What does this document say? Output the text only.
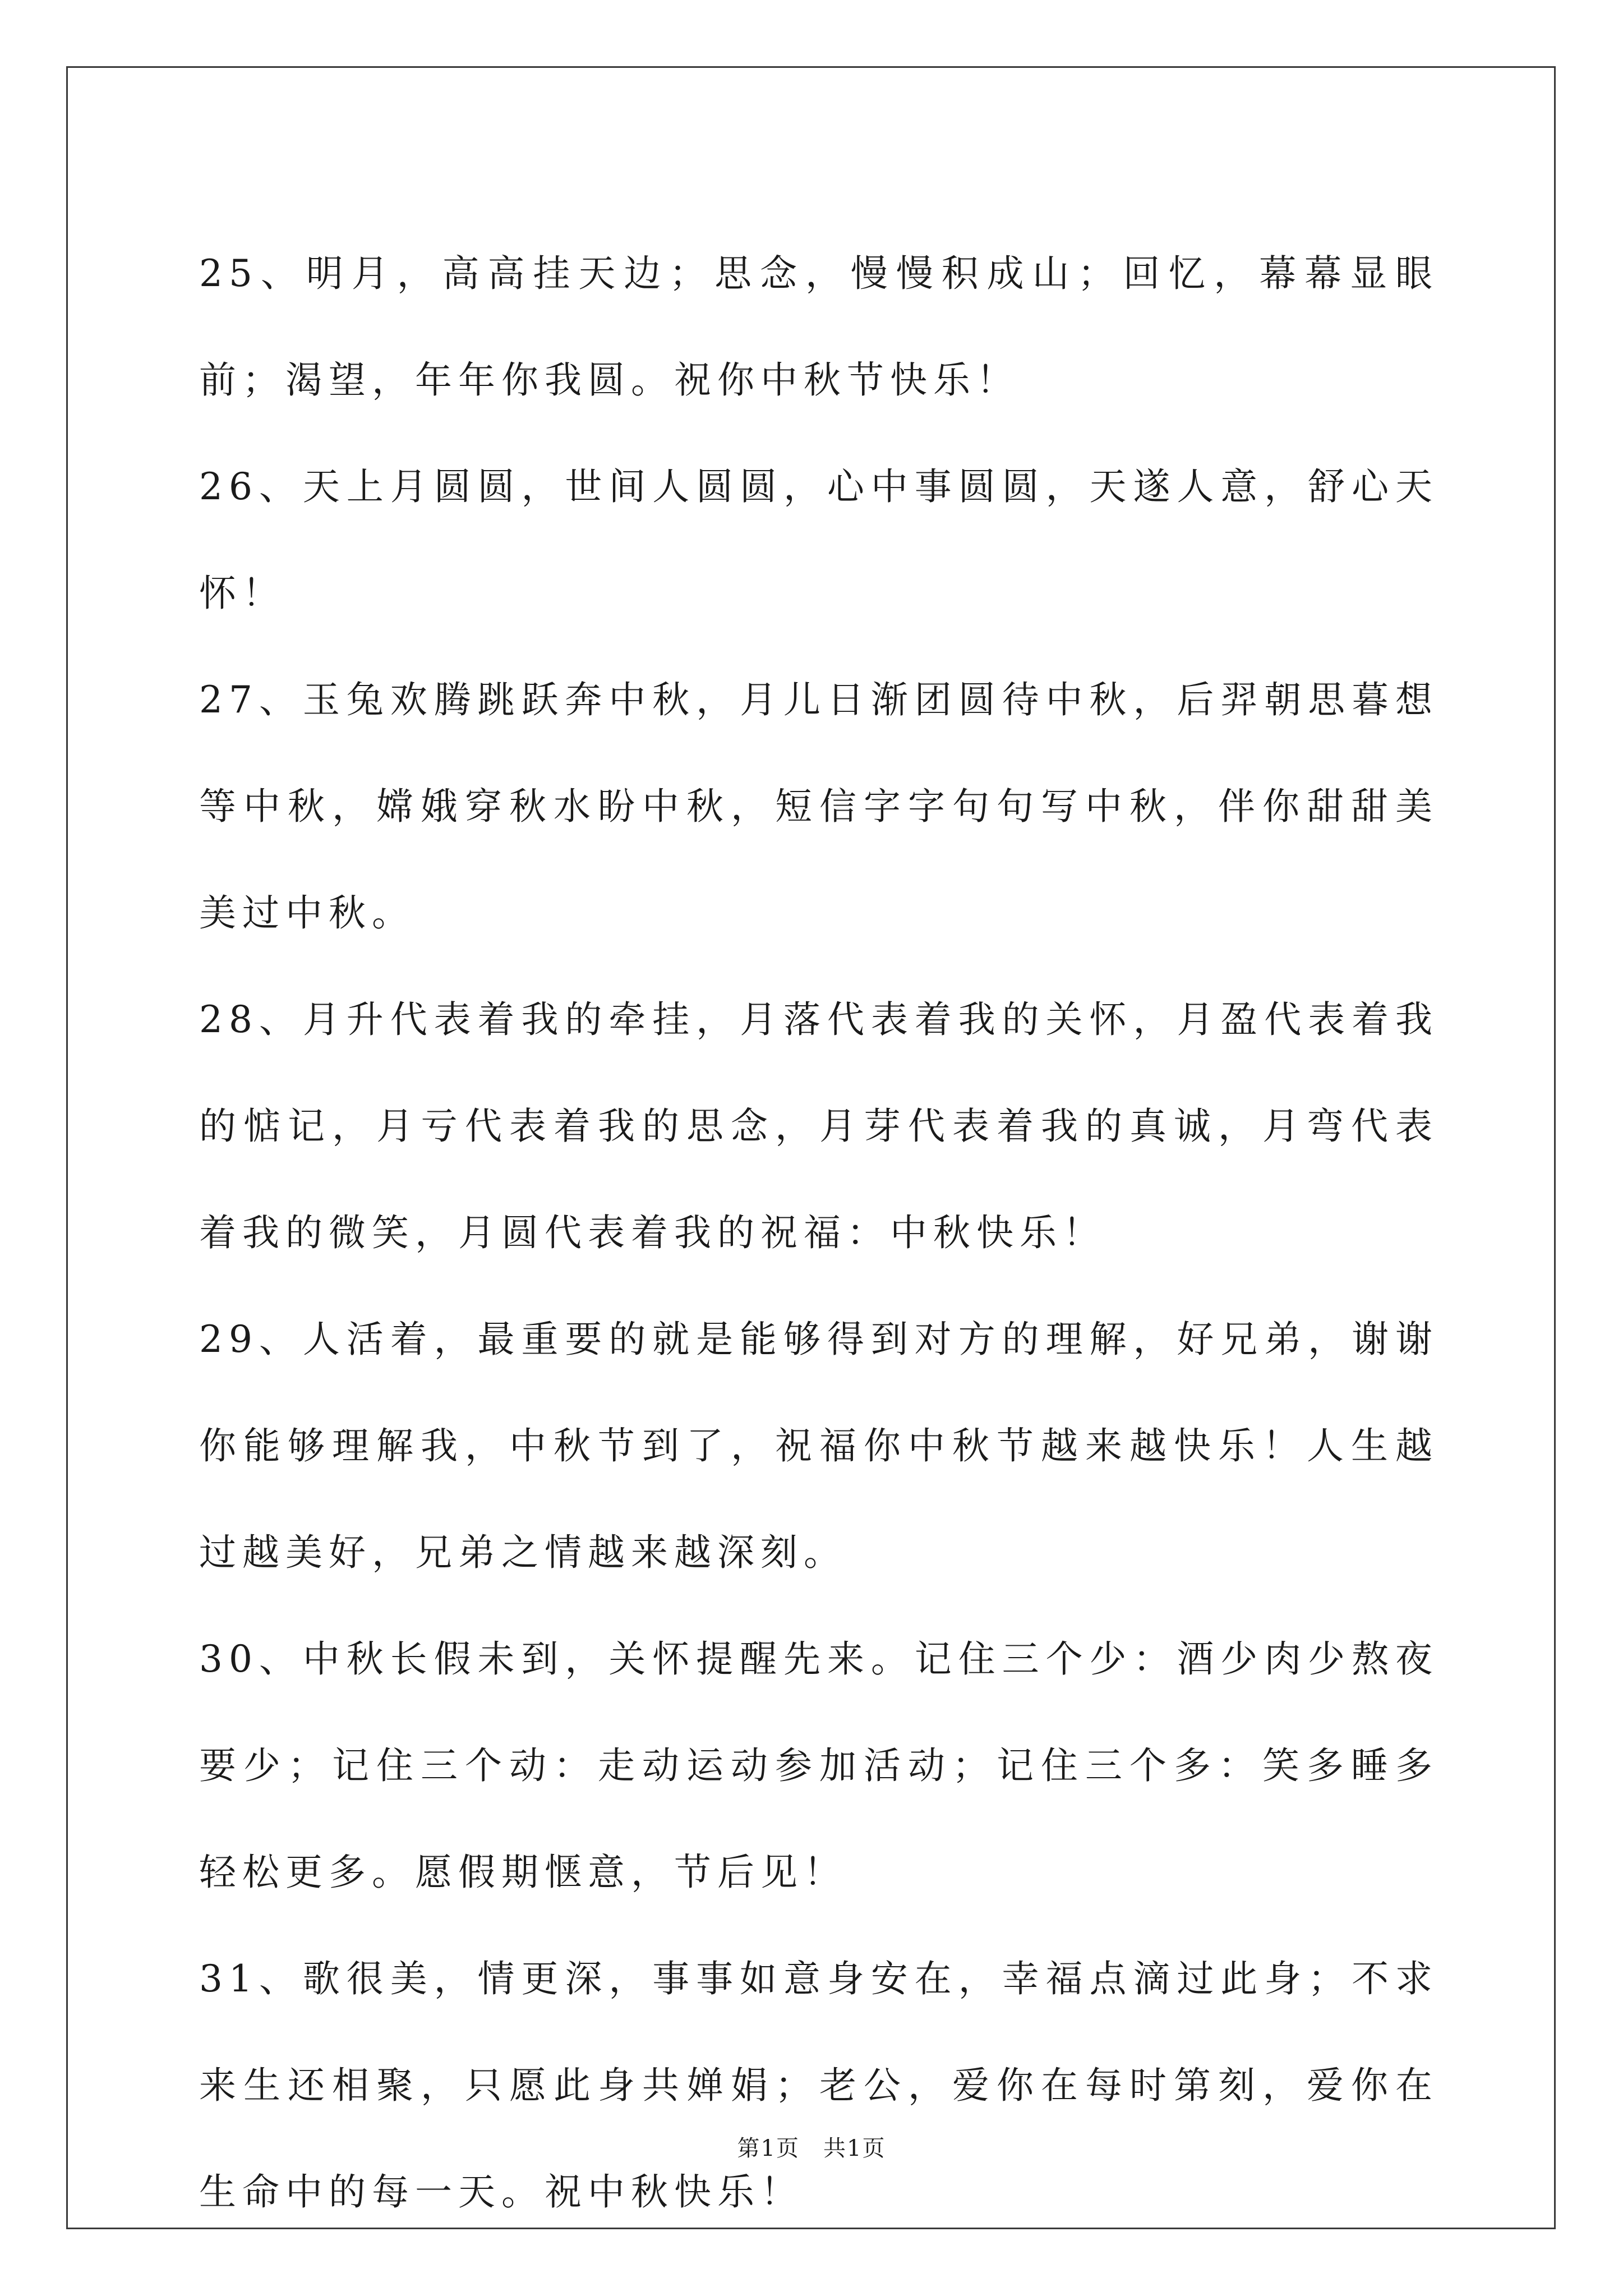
25、明月，高高挂天边；思念，慢慢积成山；回忆，幕幕显眼前；渴望，年年你我圆。祝你中秋节快乐！

26、天上月圆圆，世间人圆圆，心中事圆圆，天遂人意，舒心天怀！

27、玉兔欢腾跳跃奔中秋，月儿日渐团圆待中秋，后羿朝思暮想等中秋，嫦娥穿秋水盼中秋，短信字字句句写中秋，伴你甜甜美美过中秋。

28、月升代表着我的牵挂，月落代表着我的关怀，月盈代表着我的惦记，月亏代表着我的思念，月芽代表着我的真诚，月弯代表着我的微笑，月圆代表着我的祝福：中秋快乐！

29、人活着，最重要的就是能够得到对方的理解，好兄弟，谢谢你能够理解我，中秋节到了，祝福你中秋节越来越快乐！人生越过越美好，兄弟之情越来越深刻。

30、中秋长假未到，关怀提醒先来。记住三个少：酒少肉少熬夜要少；记住三个动：走动运动参加活动；记住三个多：笑多睡多轻松更多。愿假期惬意，节后见！

31、歌很美，情更深，事事如意身安在，幸福点滴过此身；不求来生还相聚，只愿此身共婵娟；老公，爱你在每时第刻，爱你在生命中的每一天。祝中秋快乐！

第1页　共1页
